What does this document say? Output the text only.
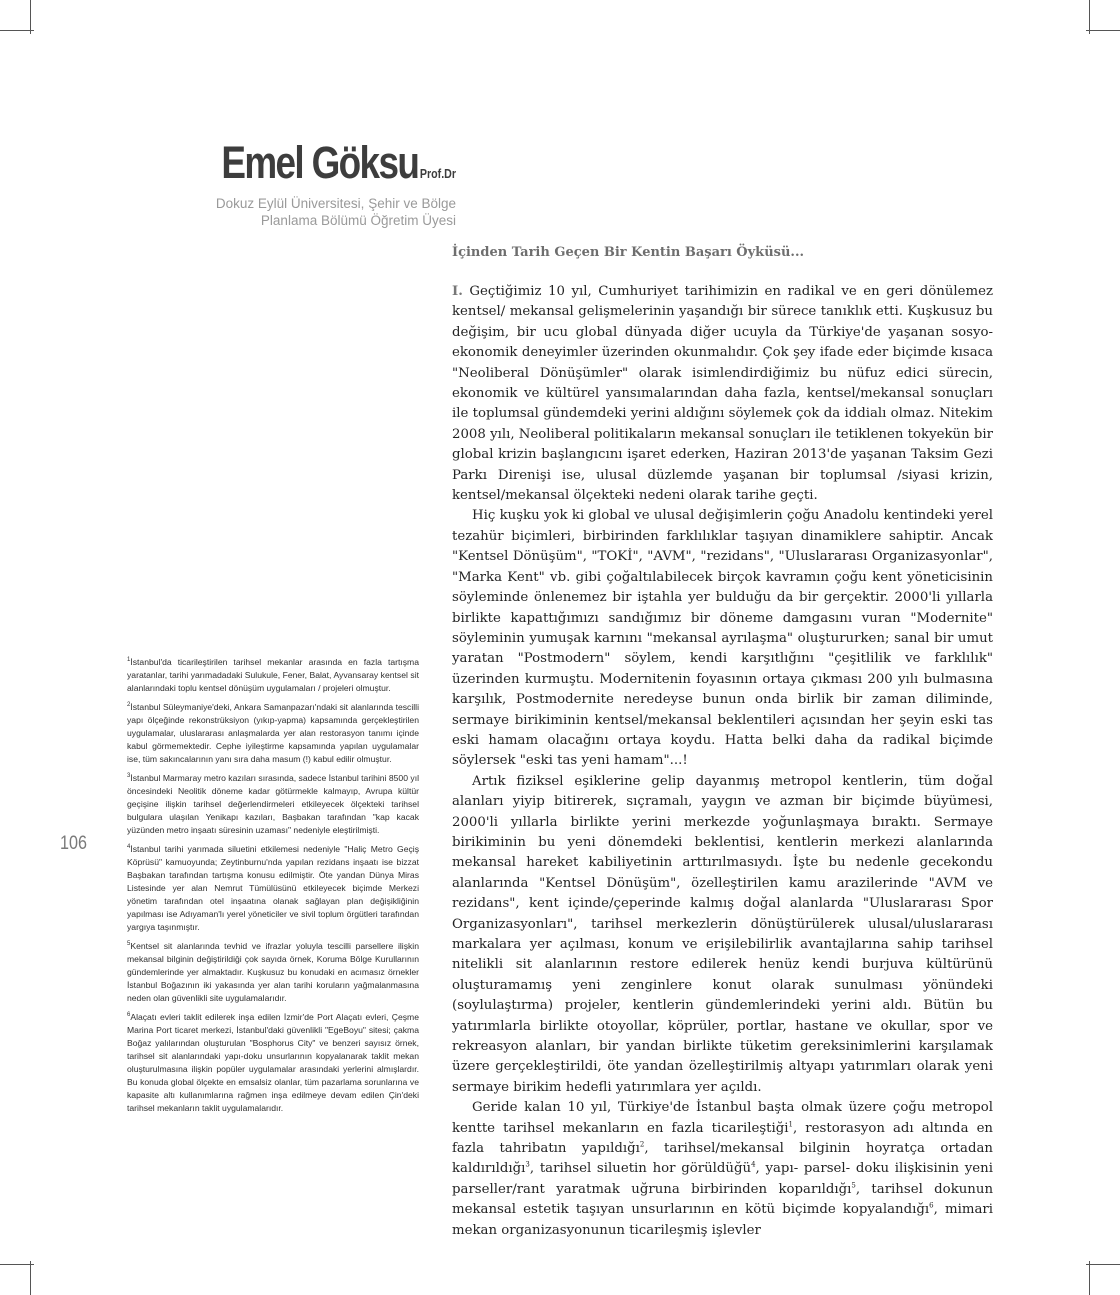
Emel Göksu Prof.Dr
Dokuz Eylül Üniversitesi, Şehir ve Bölge
Planlama Bölümü Öğretim Üyesi
İçinden Tarih Geçen Bir Kentin Başarı Öyküsü...

I. Geçtiğimiz 10 yıl, Cumhuriyet tarihimizin en radikal ve en geri dönülemez kentsel/ mekansal gelişmelerinin yaşandığı bir sürece tanıklık etti. Kuşkusuz bu değişim, bir ucu global dünyada diğer ucuyla da Türkiye'de yaşanan sosyo-ekonomik deneyimler üzerinden okunmalıdır. Çok şey ifade eder biçimde kısaca "Neoliberal Dönüşümler" olarak isimlendirdiğimiz bu nüfuz edici sürecin, ekonomik ve kültürel yansımalarından daha fazla, kentsel/mekansal sonuçları ile toplumsal gündemdeki yerini aldığını söylemek çok da iddialı olmaz. Nitekim 2008 yılı, Neoliberal politikaların mekansal sonuçları ile tetiklenen tokyekün bir global krizin başlangıcını işaret ederken, Haziran 2013'de yaşanan Taksim Gezi Parkı Direnişi ise, ulusal düzlemde yaşanan bir toplumsal /siyasi krizin, kentsel/mekansal ölçekteki nedeni olarak tarihe geçti.

Hiç kuşku yok ki global ve ulusal değişimlerin çoğu Anadolu kentindeki yerel tezahür biçimleri, birbirinden farklılıklar taşıyan dinamiklere sahiptir. Ancak "Kentsel Dönüşüm", "TOKİ", "AVM", "rezidans", "Uluslararası Organizasyonlar", "Marka Kent" vb. gibi çoğaltılabilecek birçok kavramın çoğu kent yöneticisinin söyleminde önlenemez bir iştahla yer bulduğu da bir gerçektir. 2000'li yıllarla birlikte kapattığımızı sandığımız bir döneme damgasını vuran "Modernite" söyleminin yumuşak karnını "mekansal ayrılaşma" oluştururken; sanal bir umut yaratan "Postmodern" söylem, kendi karşıtlığını "çeşitlilik ve farklılık" üzerinden kurmuştu. Modernitenin foyasının ortaya çıkması 200 yılı bulmasına karşılık, Postmodernite neredeyse bunun onda birlik bir zaman diliminde, sermaye birikiminin kentsel/mekansal beklentileri açısından her şeyin eski tas eski hamam olacağını ortaya koydu. Hatta belki daha da radikal biçimde söylersek "eski tas yeni hamam"...!

Artık fiziksel eşiklerine gelip dayanmış metropol kentlerin, tüm doğal alanları yiyip bitirerek, sıçramalı, yaygın ve azman bir biçimde büyümesi, 2000'li yıllarla birlikte yerini merkezde yoğunlaşmaya bıraktı. Sermaye birikiminin bu yeni dönemdeki beklentisi, kentlerin merkezi alanlarında mekansal hareket kabiliyetinin arttırılmasıydı. İşte bu nedenle gecekondu alanlarında "Kentsel Dönüşüm", özelleştirilen kamu arazilerinde "AVM ve rezidans", kent içinde/çeperinde kalmış doğal alanlarda "Uluslararası Spor Organizasyonları", tarihsel merkezlerin dönüştürülerek ulusal/uluslararası markalara yer açılması, konum ve erişilebilirlik avantajlarına sahip tarihsel nitelikli sit alanlarının restore edilerek henüz kendi burjuva kültürünü oluşturamamış yeni zenginlere konut olarak sunulması yönündeki (soylulaştırma) projeler, kentlerin gündemlerindeki yerini aldı. Bütün bu yatırımlarla birlikte otoyollar, köprüler, portlar, hastane ve okullar, spor ve rekreasyon alanları, bir yandan birlikte tüketim gereksinimlerini karşılamak üzere gerçekleştirildi, öte yandan özelleştirilmiş altyapı yatırımları olarak yeni sermaye birikim hedefli yatırımlara yer açıldı.

Geride kalan 10 yıl, Türkiye'de İstanbul başta olmak üzere çoğu metropol kentte tarihsel mekanların en fazla ticarileştiği$^1$, restorasyon adı altında en fazla tahribatın yapıldığı$^2$, tarihsel/mekansal bilginin hoyratça ortadan kaldırıldığı$^3$, tarihsel siluetin hor görüldüğü$^4$, yapı- parsel- doku ilişkisinin yeni parseller/rant yaratmak uğruna birbirinden koparıldığı$^5$, tarihsel dokunun mekansal estetik taşıyan unsurlarının en kötü biçimde kopyalandığı$^6$, mimari mekan organizasyonunun ticarileşmiş işlevler

106

$^1$İstanbul'da ticarileştirilen tarihsel mekanlar arasında en fazla tartışma yaratanlar, tarihi yarımadadaki Sulukule, Fener, Balat, Ayvansaray kentsel sit alanlarındaki toplu kentsel dönüşüm uygulamaları / projeleri olmuştur.

$^2$İstanbul Süleymaniye'deki, Ankara Samanpazarı'ndaki sit alanlarında tescilli yapı ölçeğinde rekonstrüksiyon (yıkıp-yapma) kapsamında gerçekleştirilen uygulamalar, uluslararası anlaşmalarda yer alan restorasyon tanımı içinde kabul görmemektedir. Cephe iyileştirme kapsamında yapılan uygulamalar ise, tüm sakıncalarının yanı sıra daha masum (!) kabul edilir olmuştur.

$^3$İstanbul Marmaray metro kazıları sırasında, sadece İstanbul tarihini 8500 yıl öncesindeki Neolitik döneme kadar götürmekle kalmayıp, Avrupa kültür geçişine ilişkin tarihsel değerlendirmeleri etkileyecek ölçekteki tarihsel bulgulara ulaşılan Yenikapı kazıları, Başbakan tarafından "kap kacak yüzünden metro inşaatı süresinin uzaması" nedeniyle eleştirilmişti.

$^4$İstanbul tarihi yarımada siluetini etkilemesi nedeniyle "Haliç Metro Geçiş Köprüsü" kamuoyunda; Zeytinburnu'nda yapılan rezidans inşaatı ise bizzat Başbakan tarafından tartışma konusu edilmiştir. Öte yandan Dünya Miras Listesinde yer alan Nemrut Tümülüsünü etkileyecek biçimde Merkezi yönetim tarafından otel inşaatına olanak sağlayan plan değişikliğinin yapılması ise Adıyaman'lı yerel yöneticiler ve sivil toplum örgütleri tarafından yargıya taşınmıştır.

$^5$Kentsel sit alanlarında tevhid ve ifrazlar yoluyla tescilli parsellere ilişkin mekansal bilginin değiştirildiği çok sayıda örnek, Koruma Bölge Kurullarının gündemlerinde yer almaktadır. Kuşkusuz bu konudaki en acımasız örnekler İstanbul Boğazının iki yakasında yer alan tarihi koruların yağmalanmasına neden olan güvenlikli site uygulamalarıdır.

$^6$Alaçatı evleri taklit edilerek inşa edilen İzmir'de Port Alaçatı evleri, Çeşme Marina Port ticaret merkezi, İstanbul'daki güvenlikli "EgeBoyu" sitesi; çakma Boğaz yalılarından oluşturulan "Bosphorus City" ve benzeri sayısız örnek, tarihsel sit alanlarındaki yapı-doku unsurlarının kopyalanarak taklit mekan oluşturulmasına ilişkin popüler uygulamalar arasındaki yerlerini almışlardır. Bu konuda global ölçekte en emsalsiz olanlar, tüm pazarlama sorunlarına ve kapasite altı kullanımlarına rağmen inşa edilmeye devam edilen Çin'deki tarihsel mekanların taklit uygulamalarıdır.
